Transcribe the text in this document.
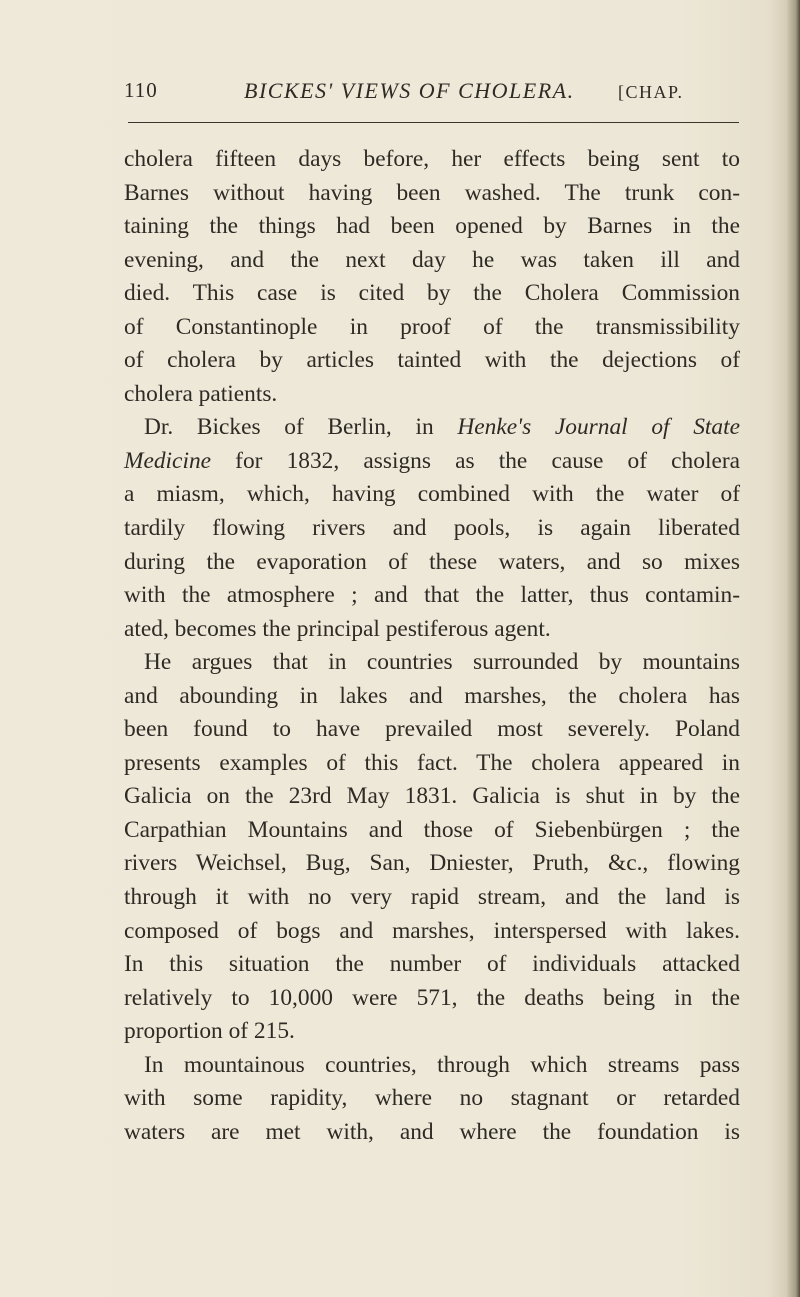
110	BICKES' VIEWS OF CHOLERA. [CHAP.
cholera fifteen days before, her effects being sent to
Barnes without having been washed. The trunk con-
taining the things had been opened by Barnes in the
evening, and the next day he was taken ill and
died. This case is cited by the Cholera Commission
of Constantinople in proof of the transmissibility
of cholera by articles tainted with the dejections of
cholera patients.
Dr. Bickes of Berlin, in Henke's Journal of State
Medicine for 1832, assigns as the cause of cholera
a miasm, which, having combined with the water of
tardily flowing rivers and pools, is again liberated
during the evaporation of these waters, and so mixes
with the atmosphere ; and that the latter, thus contamin-
ated, becomes the principal pestiferous agent.
He argues that in countries surrounded by mountains
and abounding in lakes and marshes, the cholera has
been found to have prevailed most severely. Poland
presents examples of this fact. The cholera appeared in
Galicia on the 23rd May 1831. Galicia is shut in by the
Carpathian Mountains and those of Siebenbürgen ; the
rivers Weichsel, Bug, San, Dniester, Pruth, &c., flowing
through it with no very rapid stream, and the land is
composed of bogs and marshes, interspersed with lakes.
In this situation the number of individuals attacked
relatively to 10,000 were 571, the deaths being in the
proportion of 215.
In mountainous countries, through which streams pass
with some rapidity, where no stagnant or retarded
waters are met with, and where the foundation is
